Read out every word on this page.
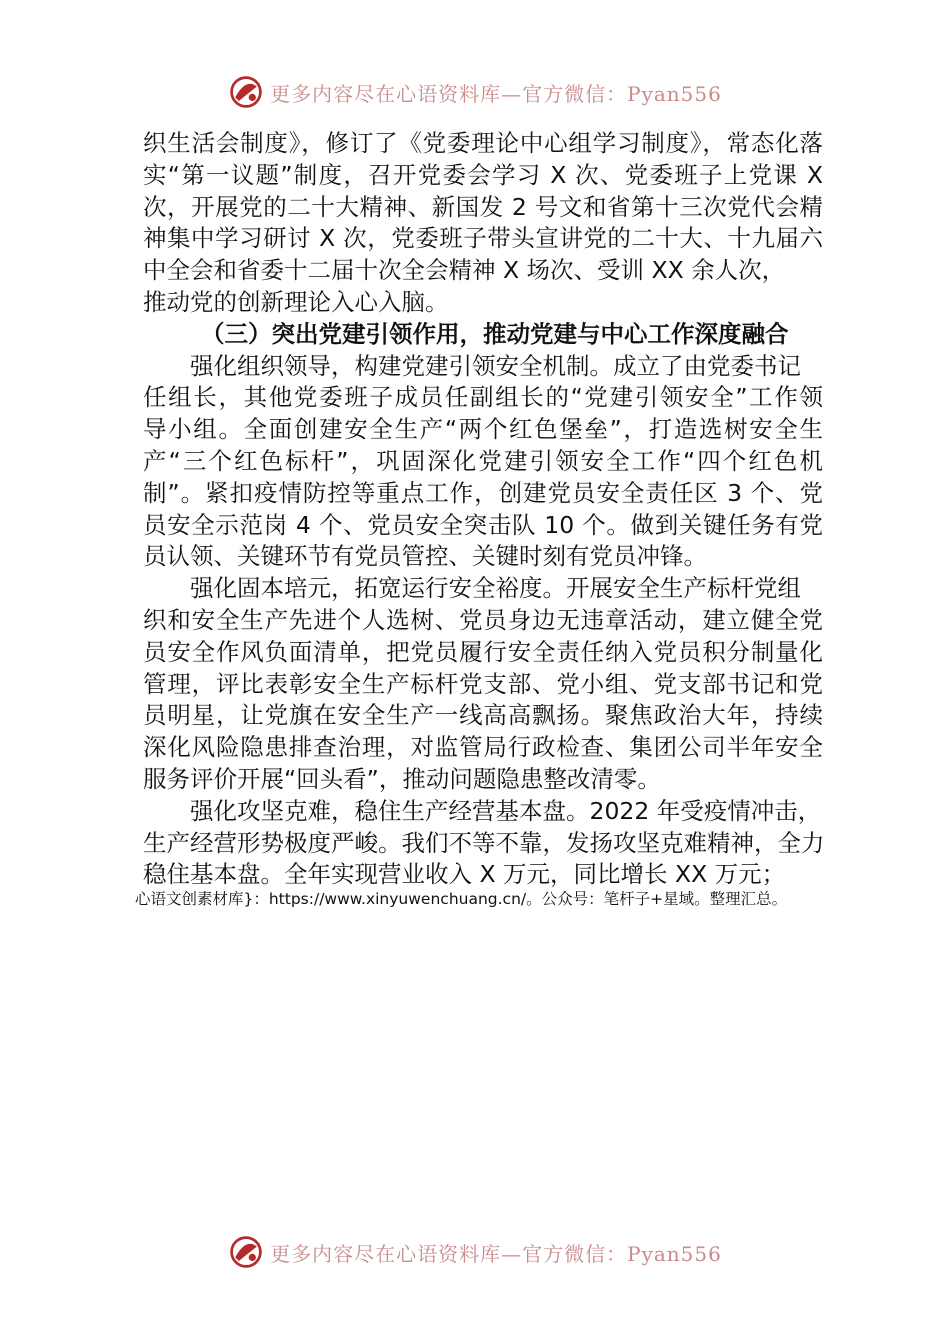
更多内容尽在心语资料库—官方微信：Pyan556
织生活会制度》，修订了《党委理论中心组学习制度》，常态化落
实“第一议题”制度，召开党委会学习 X 次、党委班子上党课 X
次，开展党的二十大精神、新国发 2 号文和省第十三次党代会精
神集中学习研讨 X 次，党委班子带头宣讲党的二十大、十九届六
中全会和省委十二届十次全会精神 X 场次、受训 XX 余人次，
推动党的创新理论入心入脑。
（三）突出党建引领作用，推动党建与中心工作深度融合
强化组织领导，构建党建引领安全机制。成立了由党委书记
任组长，其他党委班子成员任副组长的“党建引领安全”工作领
导小组。全面创建安全生产“两个红色堡垒”，打造选树安全生
产“三个红色标杆”，巩固深化党建引领安全工作“四个红色机
制”。紧扣疫情防控等重点工作，创建党员安全责任区 3 个、党
员安全示范岗 4 个、党员安全突击队 10 个。做到关键任务有党
员认领、关键环节有党员管控、关键时刻有党员冲锋。
强化固本培元，拓宽运行安全裕度。开展安全生产标杆党组
织和安全生产先进个人选树、党员身边无违章活动，建立健全党
员安全作风负面清单，把党员履行安全责任纳入党员积分制量化
管理，评比表彰安全生产标杆党支部、党小组、党支部书记和党
员明星，让党旗在安全生产一线高高飘扬。聚焦政治大年，持续
深化风险隐患排查治理，对监管局行政检查、集团公司半年安全
服务评价开展“回头看”，推动问题隐患整改清零。
强化攻坚克难，稳住生产经营基本盘。2022 年受疫情冲击，
生产经营形势极度严峻。我们不等不靠，发扬攻坚克难精神，全力
稳住基本盘。全年实现营业收入 X 万元，同比增长 XX 万元；
心语文创素材库}：https://www.xinyuwenchuang.cn/。公众号：笔杆子+星域。整理汇总。
更多内容尽在心语资料库—官方微信：Pyan556
